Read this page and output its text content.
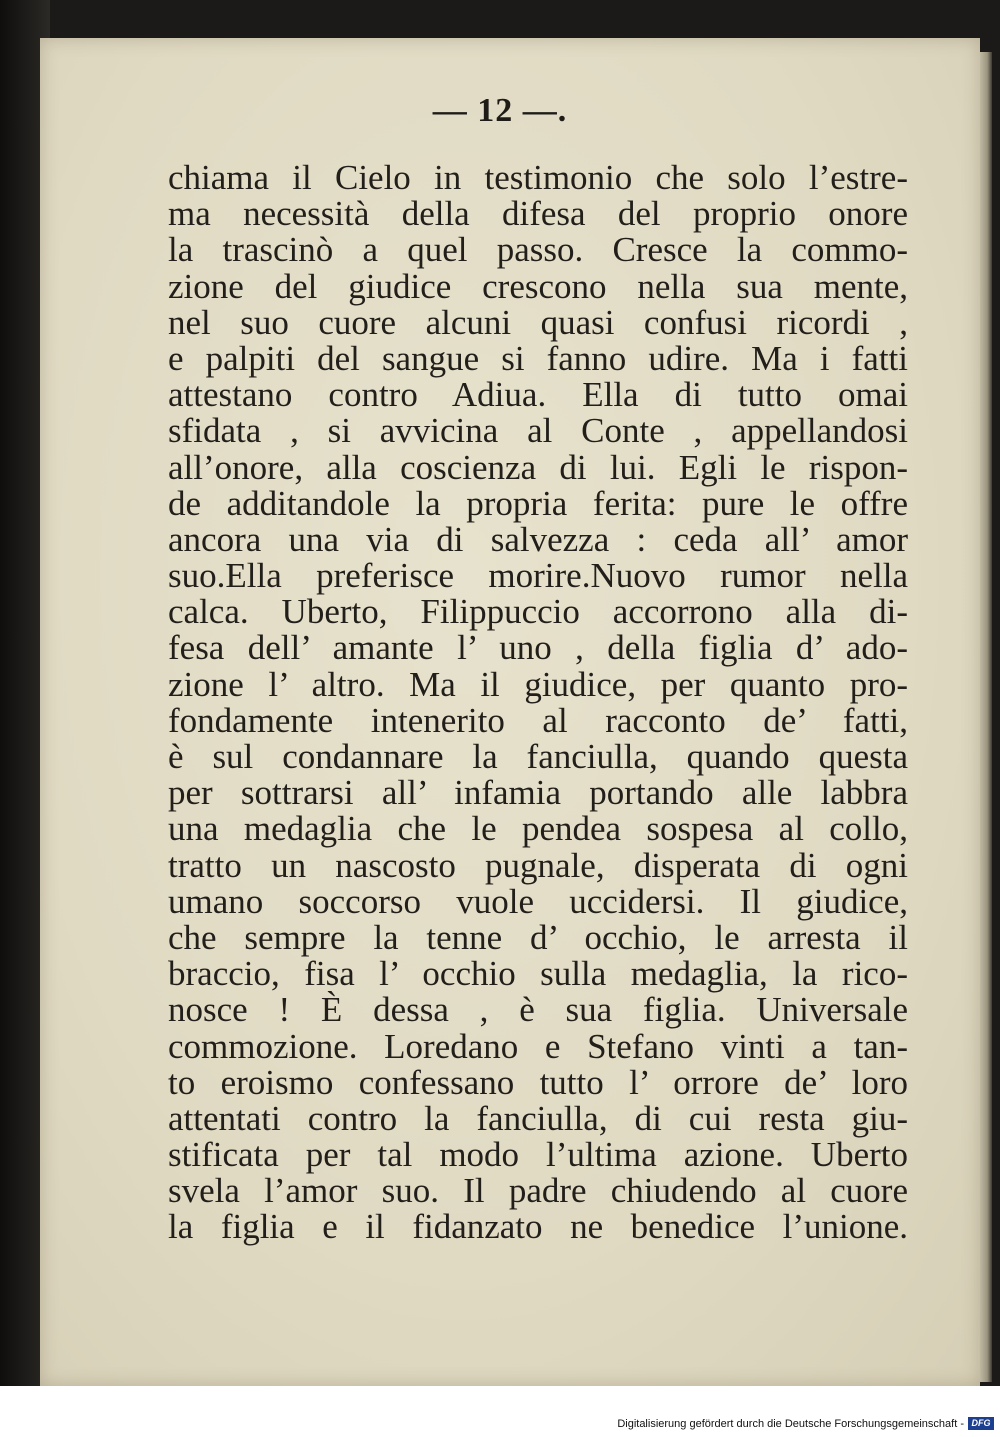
— 12 —.
chiama il Cielo in testimonio che solo l’estre-
ma necessità della difesa del proprio onore
la trascinò a quel passo. Cresce la commo-
zione del giudice crescono nella sua mente,
nel suo cuore alcuni quasi confusi ricordi ,
e palpiti del sangue si fanno udire. Ma i fatti
attestano contro Adiua. Ella di tutto omai
sfidata , si avvicina al Conte , appellandosi
all’onore, alla coscienza di lui. Egli le rispon-
de additandole la propria ferita: pure le offre
ancora una via di salvezza : ceda all’ amor
suo.Ella preferisce morire.Nuovo rumor nella
calca. Uberto, Filippuccio accorrono alla di-
fesa dell’ amante l’ uno , della figlia d’ ado-
zione l’ altro. Ma il giudice, per quanto pro-
fondamente intenerito al racconto de’ fatti,
è sul condannare la fanciulla, quando questa
per sottrarsi all’ infamia portando alle labbra
una medaglia che le pendea sospesa al collo,
tratto un nascosto pugnale, disperata di ogni
umano soccorso vuole uccidersi. Il giudice,
che sempre la tenne d’ occhio, le arresta il
braccio, fisa l’ occhio sulla medaglia, la rico-
nosce ! È dessa , è sua figlia. Universale
commozione. Loredano e Stefano vinti a tan-
to eroismo confessano tutto l’ orrore de’ loro
attentati contro la fanciulla, di cui resta giu-
stificata per tal modo l’ultima azione. Uberto
svela l’amor suo. Il padre chiudendo al cuore
la figlia e il fidanzato ne benedice l’unione.
Digitalisierung gefördert durch die Deutsche Forschungsgemeinschaft - DFG
